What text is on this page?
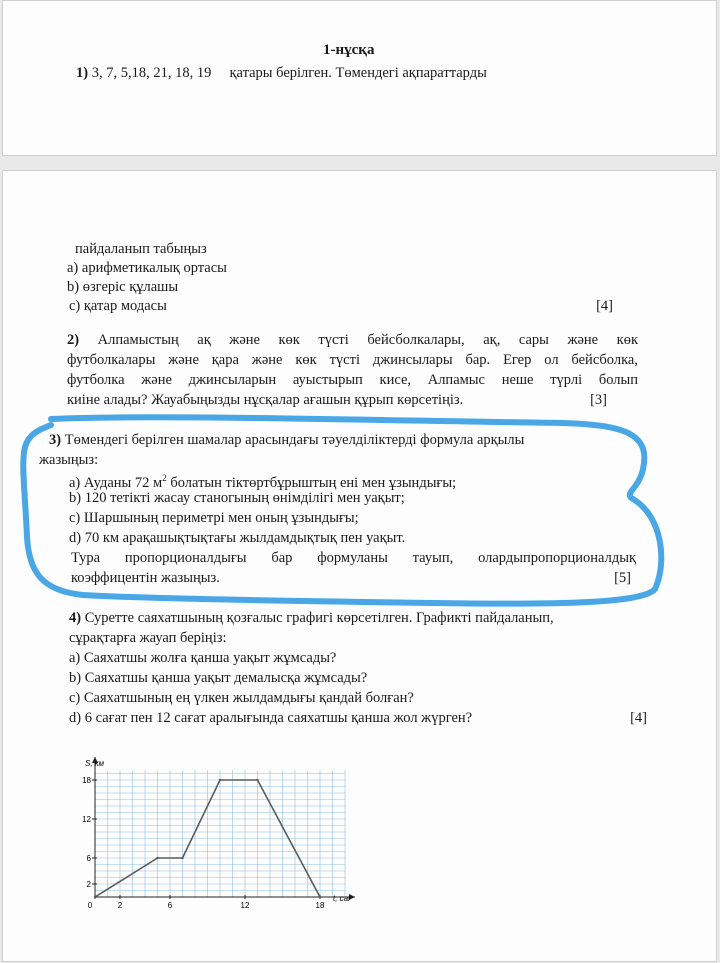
1-нұсқа
1) 3, 7, 5,18, 21, 18, 19     қатары берілген. Төмендегі ақпараттарды
пайдаланып табыңыз
a) арифметикалық ортасы
b) өзгеріс құлашы
c) қатар модасы	[4]
2) Алпамыстың ақ және көк түсті бейсболкалары, ақ, сары және көк
футболкалары және қара және көк түсті джинсылары бар. Егер ол бейсболка,
футболка және джинсыларын ауыстырып кисе, Алпамыс неше түрлі болып
киіне алады? Жауабыңызды нұсқалар ағашын құрып көрсетіңіз.	[3]
3) Төмендегі берілген шамалар арасындағы тәуелділіктерді формула арқылы
жазыңыз:
a) Ауданы 72 $м^2$ болатын тіктөртбұрыштың ені мен ұзындығы;
b) 120 тетікті жасау станогының өнімділігі мен уақыт;
c) Шаршының периметрі мен оның ұзындығы;
d) 70 км арақашықтықтағы жылдамдықтық пен уақыт.
Тура пропорционалдығы бар формуланы тауып, олардыпропорционалдық
коэффицентін жазыңыз.	[5]
4) Суретте саяхатшының қозғалыс графигі көрсетілген. Графикті пайдаланып,
сұрақтарға жауап беріңіз:
a) Саяхатшы жолға қанша уақыт жұмсады?
b) Саяхатшы қанша уақыт демалысқа жұмсады?
c) Саяхатшының ең үлкен жылдамдығы қандай болған?
d) 6 сағат пен 12 сағат аралығында саяхатшы қанша жол жүрген?	[4]
0	2	6	12	18
2
6
12
18
S, км
t, сағ
